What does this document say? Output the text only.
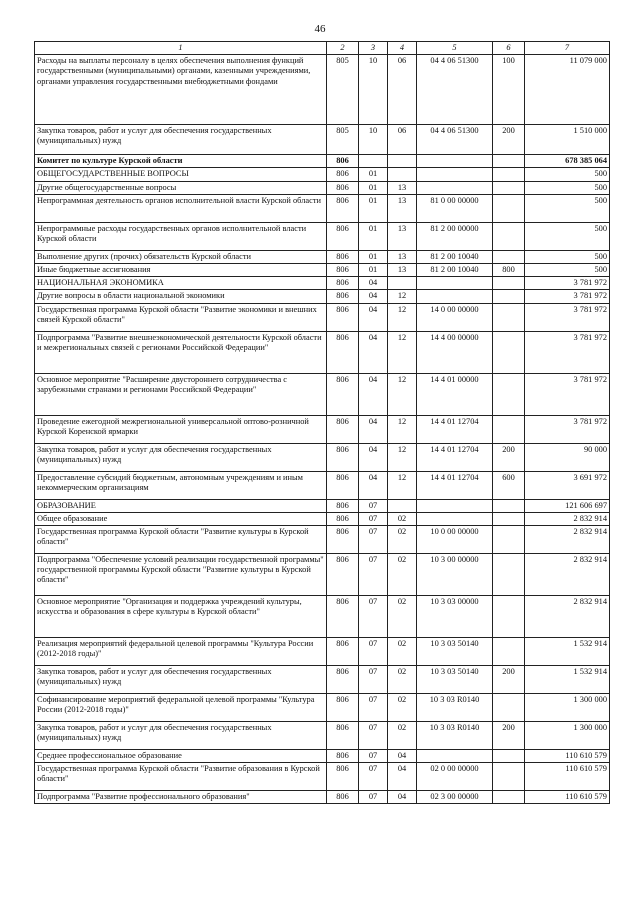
46
1	2	3	4	5	6	7
Расходы на выплаты персоналу в целях обеспечения выполнения функций государственными (муниципальными) органами, казенными учреждениями, органами управления государственными внебюджетными фондами	805	10	06	04 4 06 51300	100	11 079 000
Закупка товаров, работ и услуг для обеспечения государственных (муниципальных) нужд	805	10	06	04 4 06 51300	200	1 510 000
Комитет по культуре Курской области	806					678 385 064
ОБЩЕГОСУДАРСТВЕННЫЕ ВОПРОСЫ	806	01				500
Другие общегосударственные вопросы	806	01	13			500
Непрограммная деятельность органов исполнительной власти Курской области	806	01	13	81 0 00 00000		500
Непрограммные расходы государственных органов исполнительной власти Курской области	806	01	13	81 2 00 00000		500
Выполнение других (прочих) обязательств Курской области	806	01	13	81 2 00 10040		500
Иные бюджетные ассигнования	806	01	13	81 2 00 10040	800	500
НАЦИОНАЛЬНАЯ ЭКОНОМИКА	806	04				3 781 972
Другие вопросы в области национальной экономики	806	04	12			3 781 972
Государственная программа Курской области "Развитие экономики и внешних связей Курской области"	806	04	12	14 0 00 00000		3 781 972
Подпрограмма "Развитие внешнеэкономической деятельности Курской области и межрегиональных связей с регионами Российской Федерации"	806	04	12	14 4 00 00000		3 781 972
Основное мероприятие "Расширение двустороннего сотрудничества с зарубежными странами и регионами Российской Федерации"	806	04	12	14 4 01 00000		3 781 972
Проведение ежегодной межрегиональной универсальной оптово-розничной Курской Коренской ярмарки	806	04	12	14 4 01 12704		3 781 972
Закупка товаров, работ и услуг для обеспечения государственных (муниципальных) нужд	806	04	12	14 4 01 12704	200	90 000
Предоставление субсидий бюджетным, автономным учреждениям и иным некоммерческим организациям	806	04	12	14 4 01 12704	600	3 691 972
ОБРАЗОВАНИЕ	806	07				121 606 697
Общее образование	806	07	02			2 832 914
Государственная программа Курской области "Развитие культуры в Курской области"	806	07	02	10 0 00 00000		2 832 914
Подпрограмма "Обеспечение условий реализации государственной программы" государственной программы Курской области "Развитие культуры в Курской области"	806	07	02	10 3 00 00000		2 832 914
Основное мероприятие "Организация и поддержка учреждений культуры, искусства и образования в сфере культуры в Курской области"	806	07	02	10 3 03 00000		2 832 914
Реализация мероприятий федеральной целевой программы "Культура России (2012-2018 годы)"	806	07	02	10 3 03 50140		1 532 914
Закупка товаров, работ и услуг для обеспечения государственных (муниципальных) нужд	806	07	02	10 3 03 50140	200	1 532 914
Софинансирование мероприятий федеральной целевой программы "Культура России (2012-2018 годы)"	806	07	02	10 3 03 R0140		1 300 000
Закупка товаров, работ и услуг для обеспечения государственных (муниципальных) нужд	806	07	02	10 3 03 R0140	200	1 300 000
Среднее профессиональное образование	806	07	04			110 610 579
Государственная программа Курской области "Развитие образования в Курской области"	806	07	04	02 0 00 00000		110 610 579
Подпрограмма "Развитие профессионального образования"	806	07	04	02 3 00 00000		110 610 579
